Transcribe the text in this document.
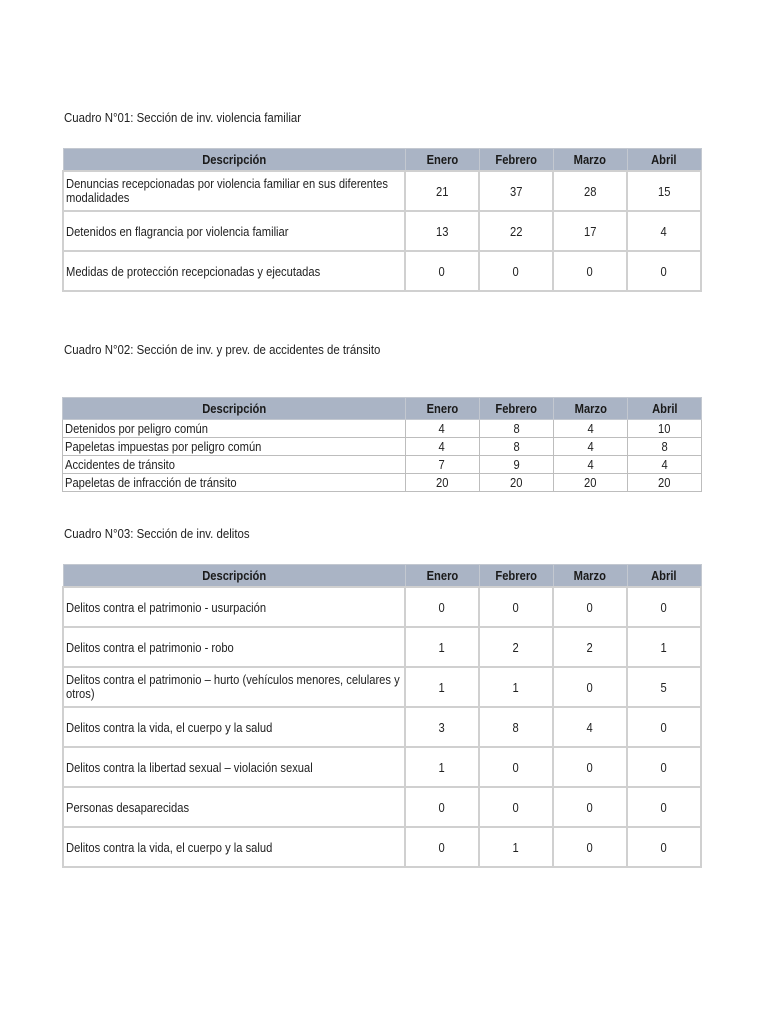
Cuadro N°01: Sección de inv. violencia familiar
Descripción	Enero	Febrero	Marzo	Abril
Denuncias recepcionadas por violencia familiar en sus diferentes modalidades	21	37	28	15
Detenidos en flagrancia por violencia familiar	13	22	17	4
Medidas de protección recepcionadas y ejecutadas	0	0	0	0
Cuadro N°02: Sección de inv. y prev. de accidentes de tránsito
Descripción	Enero	Febrero	Marzo	Abril
Detenidos por peligro común	4	8	4	10
Papeletas impuestas por peligro común	4	8	4	8
Accidentes de tránsito	7	9	4	4
Papeletas de infracción de tránsito	20	20	20	20
Cuadro N°03: Sección de inv. delitos
Descripción	Enero	Febrero	Marzo	Abril
Delitos contra el patrimonio - usurpación	0	0	0	0
Delitos contra el patrimonio - robo	1	2	2	1
Delitos contra el patrimonio – hurto (vehículos menores, celulares y otros)	1	1	0	5
Delitos contra la vida, el cuerpo y la salud	3	8	4	0
Delitos contra la libertad sexual – violación sexual	1	0	0	0
Personas desaparecidas	0	0	0	0
Delitos contra la vida, el cuerpo y la salud	0	1	0	0
